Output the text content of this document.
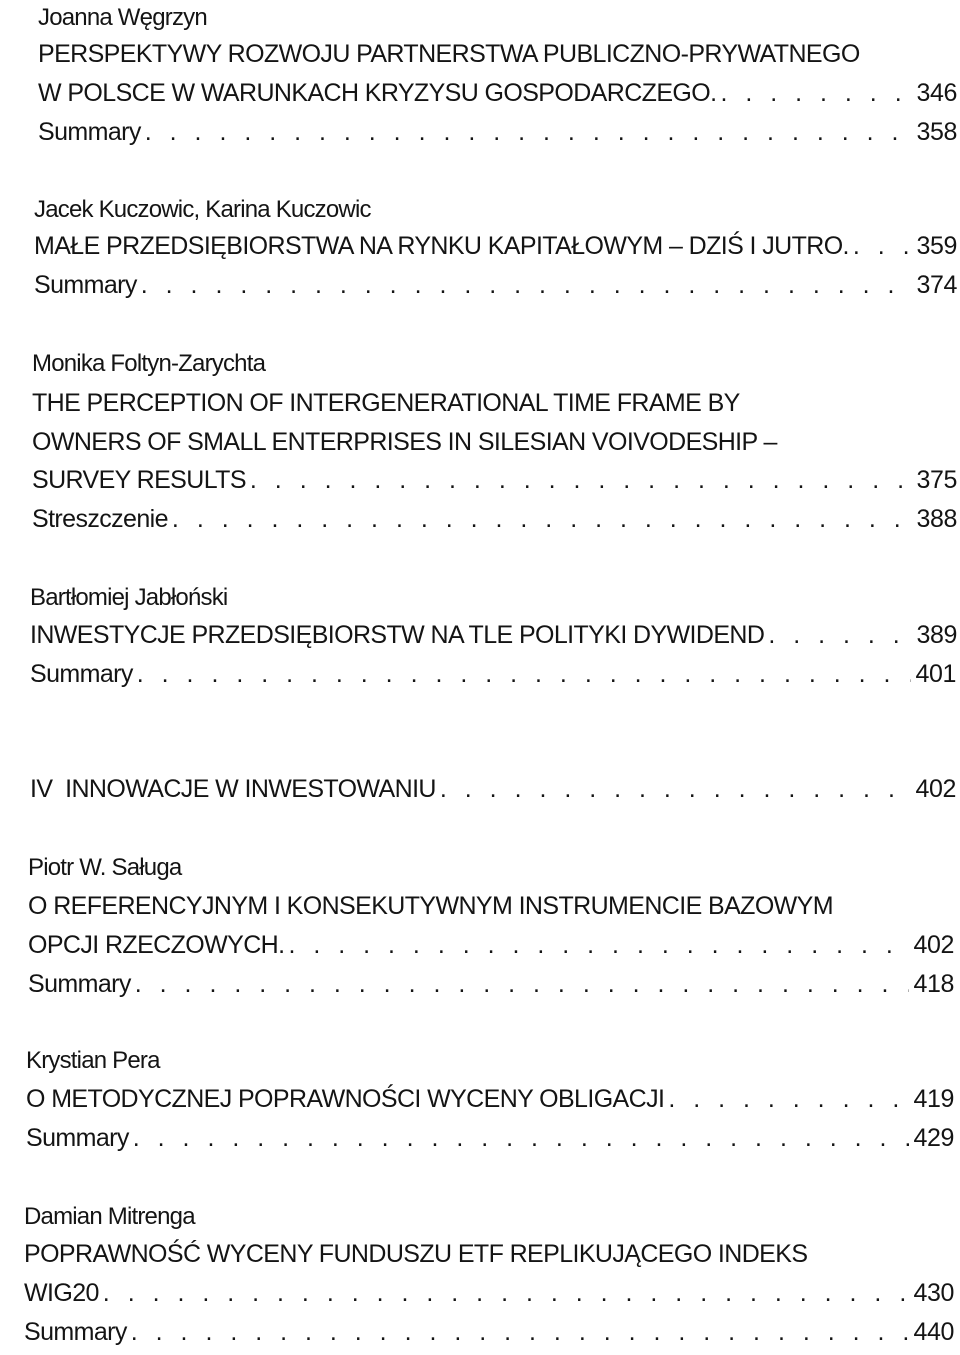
Joanna Węgrzyn
PERSPEKTYWY ROZWOJU PARTNERSTWA PUBLICZNO-PRYWATNEGO
W POLSCE W WARUNKACH KRYZYSU GOSPODARCZEGO. . . .	346
Summary . . .	358
Jacek Kuczowic, Karina Kuczowic
MAŁE PRZEDSIĘBIORSTWA NA RYNKU KAPITAŁOWYM – DZIŚ I JUTRO. . . .	359
Summary . . .	374
Monika Foltyn-Zarychta
THE PERCEPTION OF INTERGENERATIONAL TIME FRAME BY
OWNERS OF SMALL ENTERPRISES IN SILESIAN VOIVODESHIP –
SURVEY RESULTS . . .	375
Streszczenie . . .	388
Bartłomiej Jabłoński
INWESTYCJE PRZEDSIĘBIORSTW NA TLE POLITYKI DYWIDEND . . .	389
Summary . . .	401
IV  INNOWACJE W INWESTOWANIU . . .	402
Piotr W. Saługa
O REFERENCYJNYM I KONSEKUTYWNYM INSTRUMENCIE BAZOWYM
OPCJI RZECZOWYCH. . . .	402
Summary . . .	418
Krystian Pera
O METODYCZNEJ POPRAWNOŚCI WYCENY OBLIGACJI . . .	419
Summary . . .	429
Damian Mitrenga
POPRAWNOŚĆ WYCENY FUNDUSZU ETF REPLIKUJĄCEGO INDEKS
WIG20 . . .	430
Summary . . .	440
